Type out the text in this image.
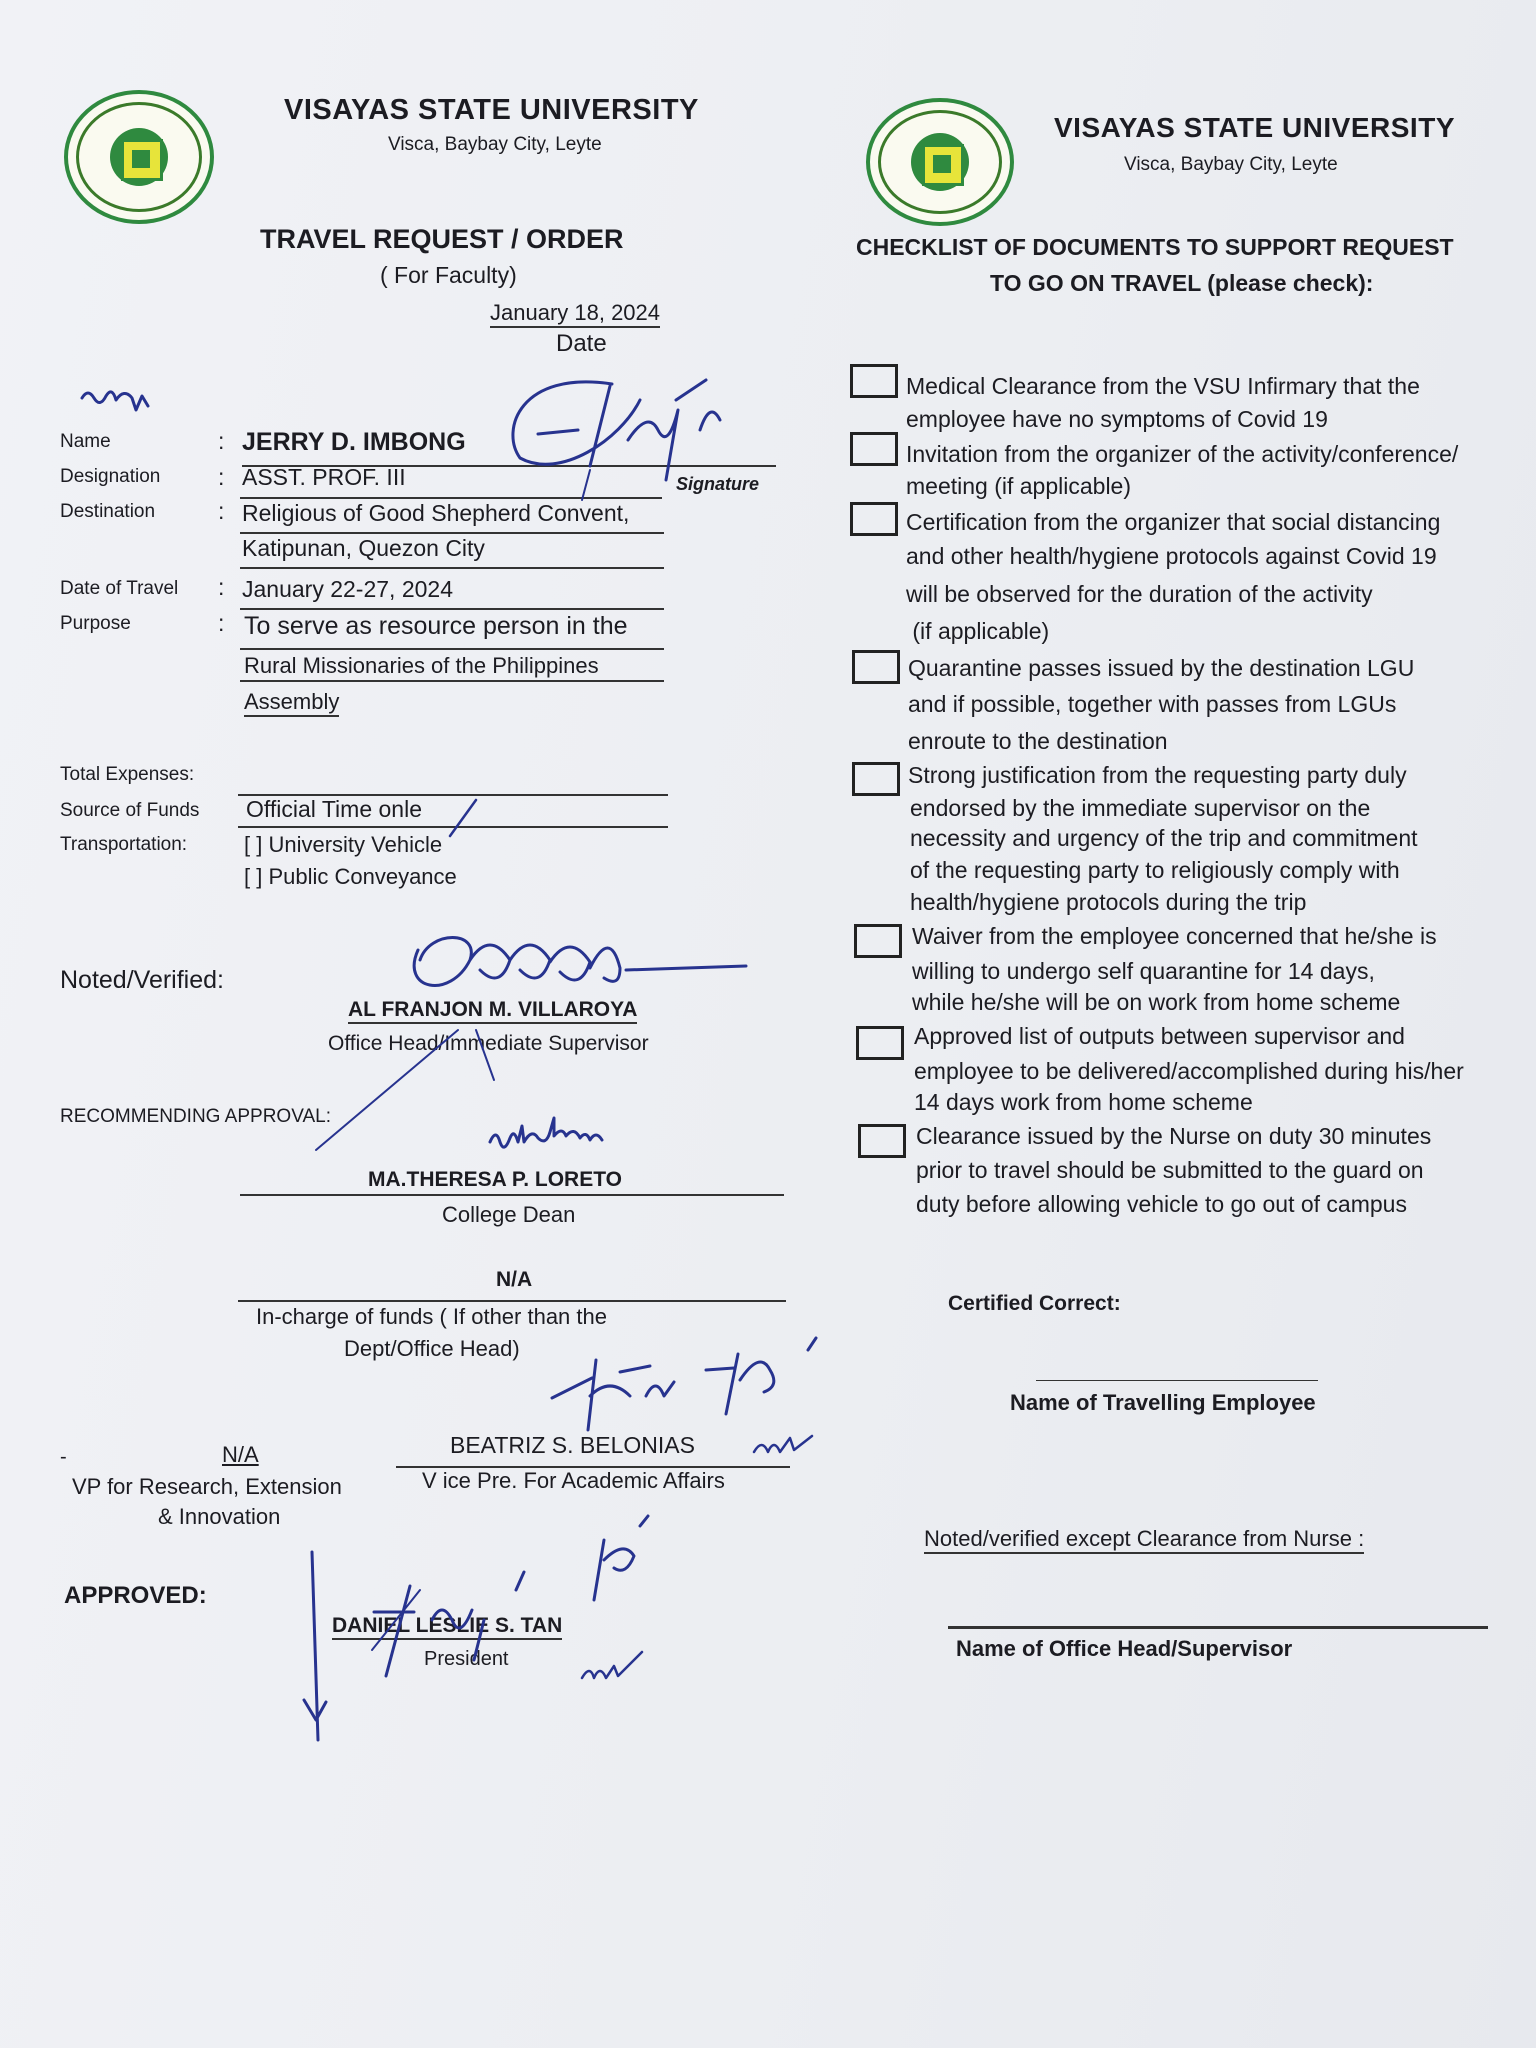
VISAYAS STATE UNIVERSITY
Visca, Baybay City, Leyte
TRAVEL REQUEST / ORDER
( For Faculty)
January 18, 2024
Date
Name	: JERRY D. IMBONG
Signature
Designation	: ASST. PROF. III
Destination	: Religious of Good Shepherd Convent,
Katipunan, Quezon City
Date of Travel : January 22-27, 2024
Purpose	: To serve as resource person in the
Rural Missionaries of the Philippines
Assembly
Total Expenses:
Source of Funds Official Time onle
Transportation:	[ ] University Vehicle
[ ] Public Conveyance
Noted/Verified:
AL FRANJON M. VILLAROYA
Office Head/Immediate Supervisor
RECOMMENDING APPROVAL:
MA.THERESA P. LORETO
College Dean
N/A
In-charge of funds ( If other than the
Dept/Office Head)
N/A
-
VP for Research, Extension
& Innovation
BEATRIZ S. BELONIAS
V ice Pre. For Academic Affairs
APPROVED:
DANIEL LESLIE S. TAN
President
VISAYAS STATE UNIVERSITY
Visca, Baybay City, Leyte
CHECKLIST OF DOCUMENTS TO SUPPORT REQUEST
TO GO ON TRAVEL (please check):
Medical Clearance from the VSU Infirmary that the
employee have no symptoms of Covid 19
Invitation from the organizer of the activity/conference/
meeting (if applicable)
Certification from the organizer that social distancing
and other health/hygiene protocols against Covid 19
will be observed for the duration of the activity
(if applicable)
Quarantine passes issued by the destination LGU
and if possible, together with passes from LGUs
enroute to the destination
Strong justification from the requesting party duly
endorsed by the immediate supervisor on the
necessity and urgency of the trip and commitment
of the requesting party to religiously comply with
health/hygiene protocols during the trip
Waiver from the employee concerned that he/she is
willing to undergo self quarantine for 14 days,
while he/she will be on work from home scheme
Approved list of outputs between supervisor and
employee to be delivered/accomplished during his/her
14 days work from home scheme
Clearance issued by the Nurse on duty 30 minutes
prior to travel should be submitted to the guard on
duty before allowing vehicle to go out of campus
Certified Correct:
Name of Travelling Employee
Noted/verified except Clearance from Nurse :
Name of Office Head/Supervisor
